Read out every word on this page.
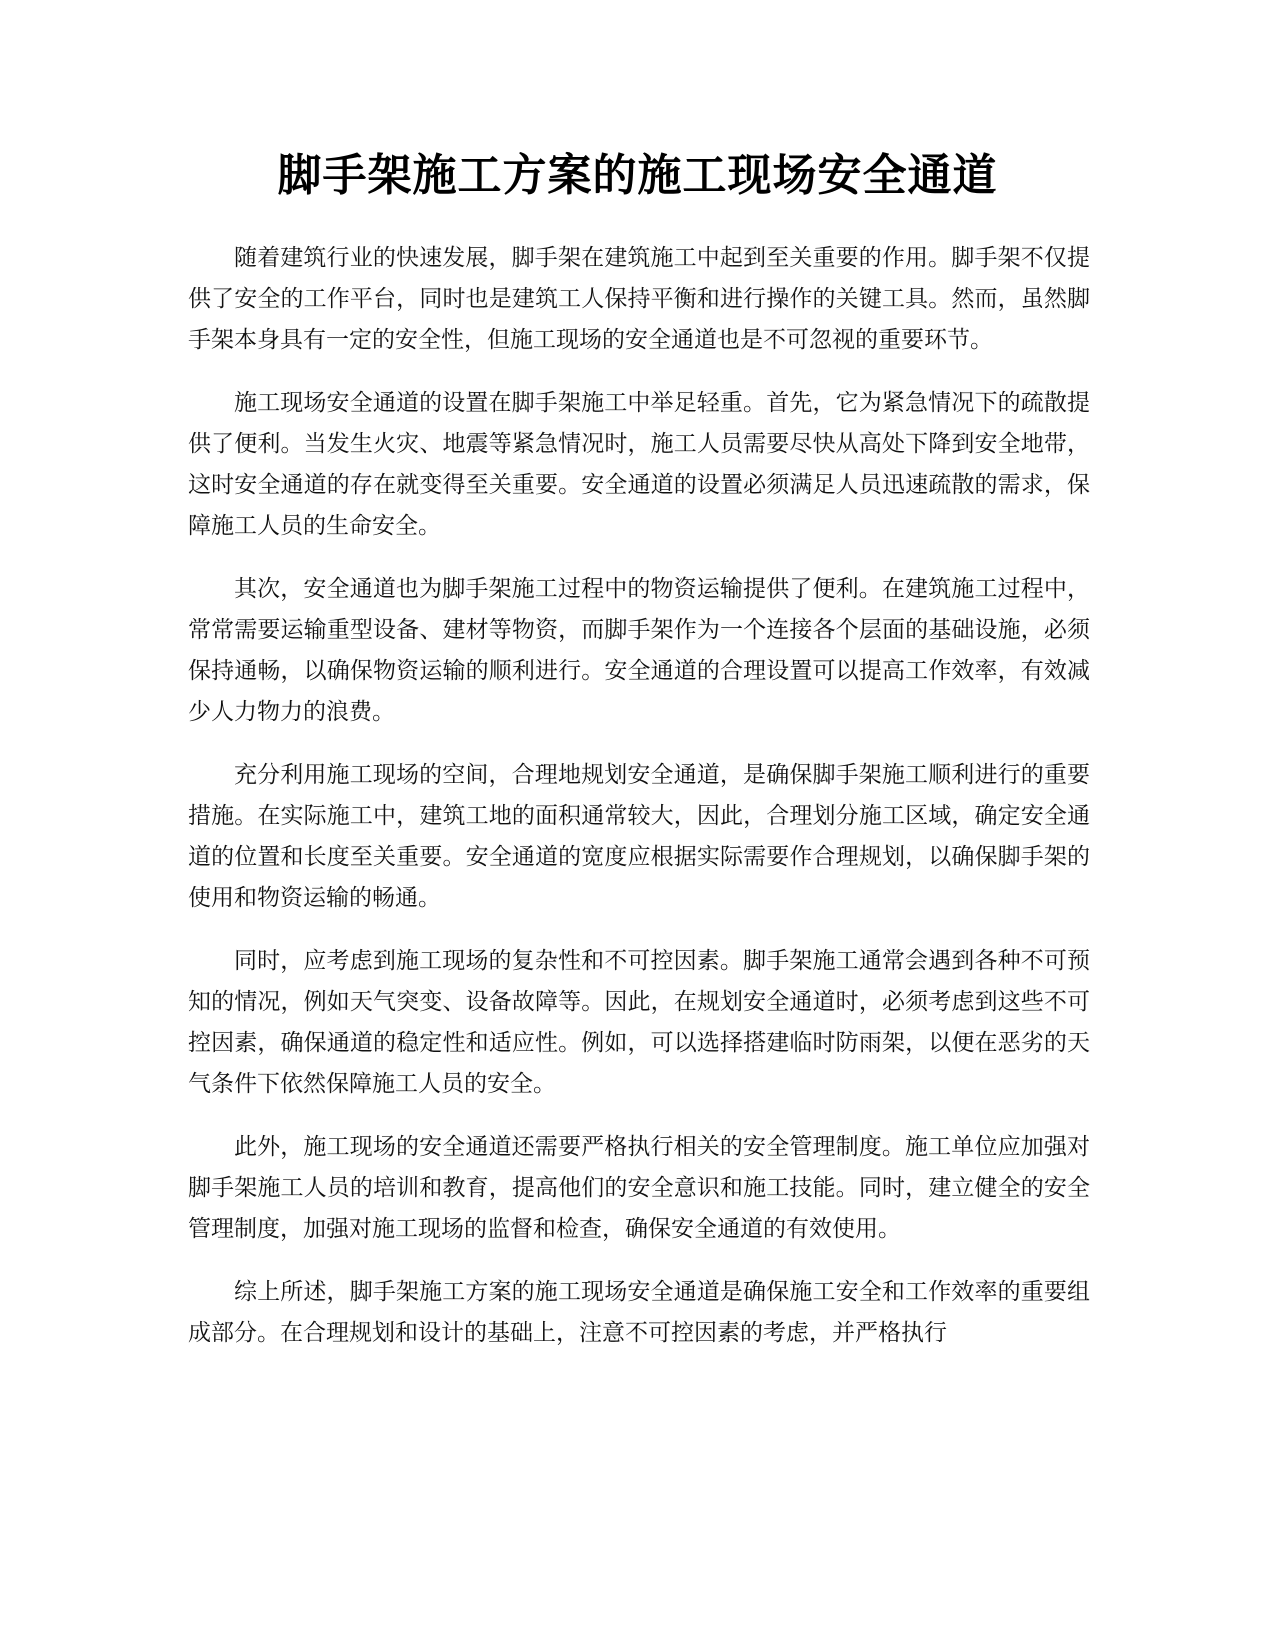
脚手架施工方案的施工现场安全通道

随着建筑行业的快速发展，脚手架在建筑施工中起到至关重要的作用。脚手架不仅提供了安全的工作平台，同时也是建筑工人保持平衡和进行操作的关键工具。然而，虽然脚手架本身具有一定的安全性，但施工现场的安全通道也是不可忽视的重要环节。

施工现场安全通道的设置在脚手架施工中举足轻重。首先，它为紧急情况下的疏散提供了便利。当发生火灾、地震等紧急情况时，施工人员需要尽快从高处下降到安全地带，这时安全通道的存在就变得至关重要。安全通道的设置必须满足人员迅速疏散的需求，保障施工人员的生命安全。

其次，安全通道也为脚手架施工过程中的物资运输提供了便利。在建筑施工过程中，常常需要运输重型设备、建材等物资，而脚手架作为一个连接各个层面的基础设施，必须保持通畅，以确保物资运输的顺利进行。安全通道的合理设置可以提高工作效率，有效减少人力物力的浪费。

充分利用施工现场的空间，合理地规划安全通道，是确保脚手架施工顺利进行的重要措施。在实际施工中，建筑工地的面积通常较大，因此，合理划分施工区域，确定安全通道的位置和长度至关重要。安全通道的宽度应根据实际需要作合理规划，以确保脚手架的使用和物资运输的畅通。

同时，应考虑到施工现场的复杂性和不可控因素。脚手架施工通常会遇到各种不可预知的情况，例如天气突变、设备故障等。因此，在规划安全通道时，必须考虑到这些不可控因素，确保通道的稳定性和适应性。例如，可以选择搭建临时防雨架，以便在恶劣的天气条件下依然保障施工人员的安全。

此外，施工现场的安全通道还需要严格执行相关的安全管理制度。施工单位应加强对脚手架施工人员的培训和教育，提高他们的安全意识和施工技能。同时，建立健全的安全管理制度，加强对施工现场的监督和检查，确保安全通道的有效使用。

综上所述，脚手架施工方案的施工现场安全通道是确保施工安全和工作效率的重要组成部分。在合理规划和设计的基础上，注意不可控因素的考虑，并严格执行
